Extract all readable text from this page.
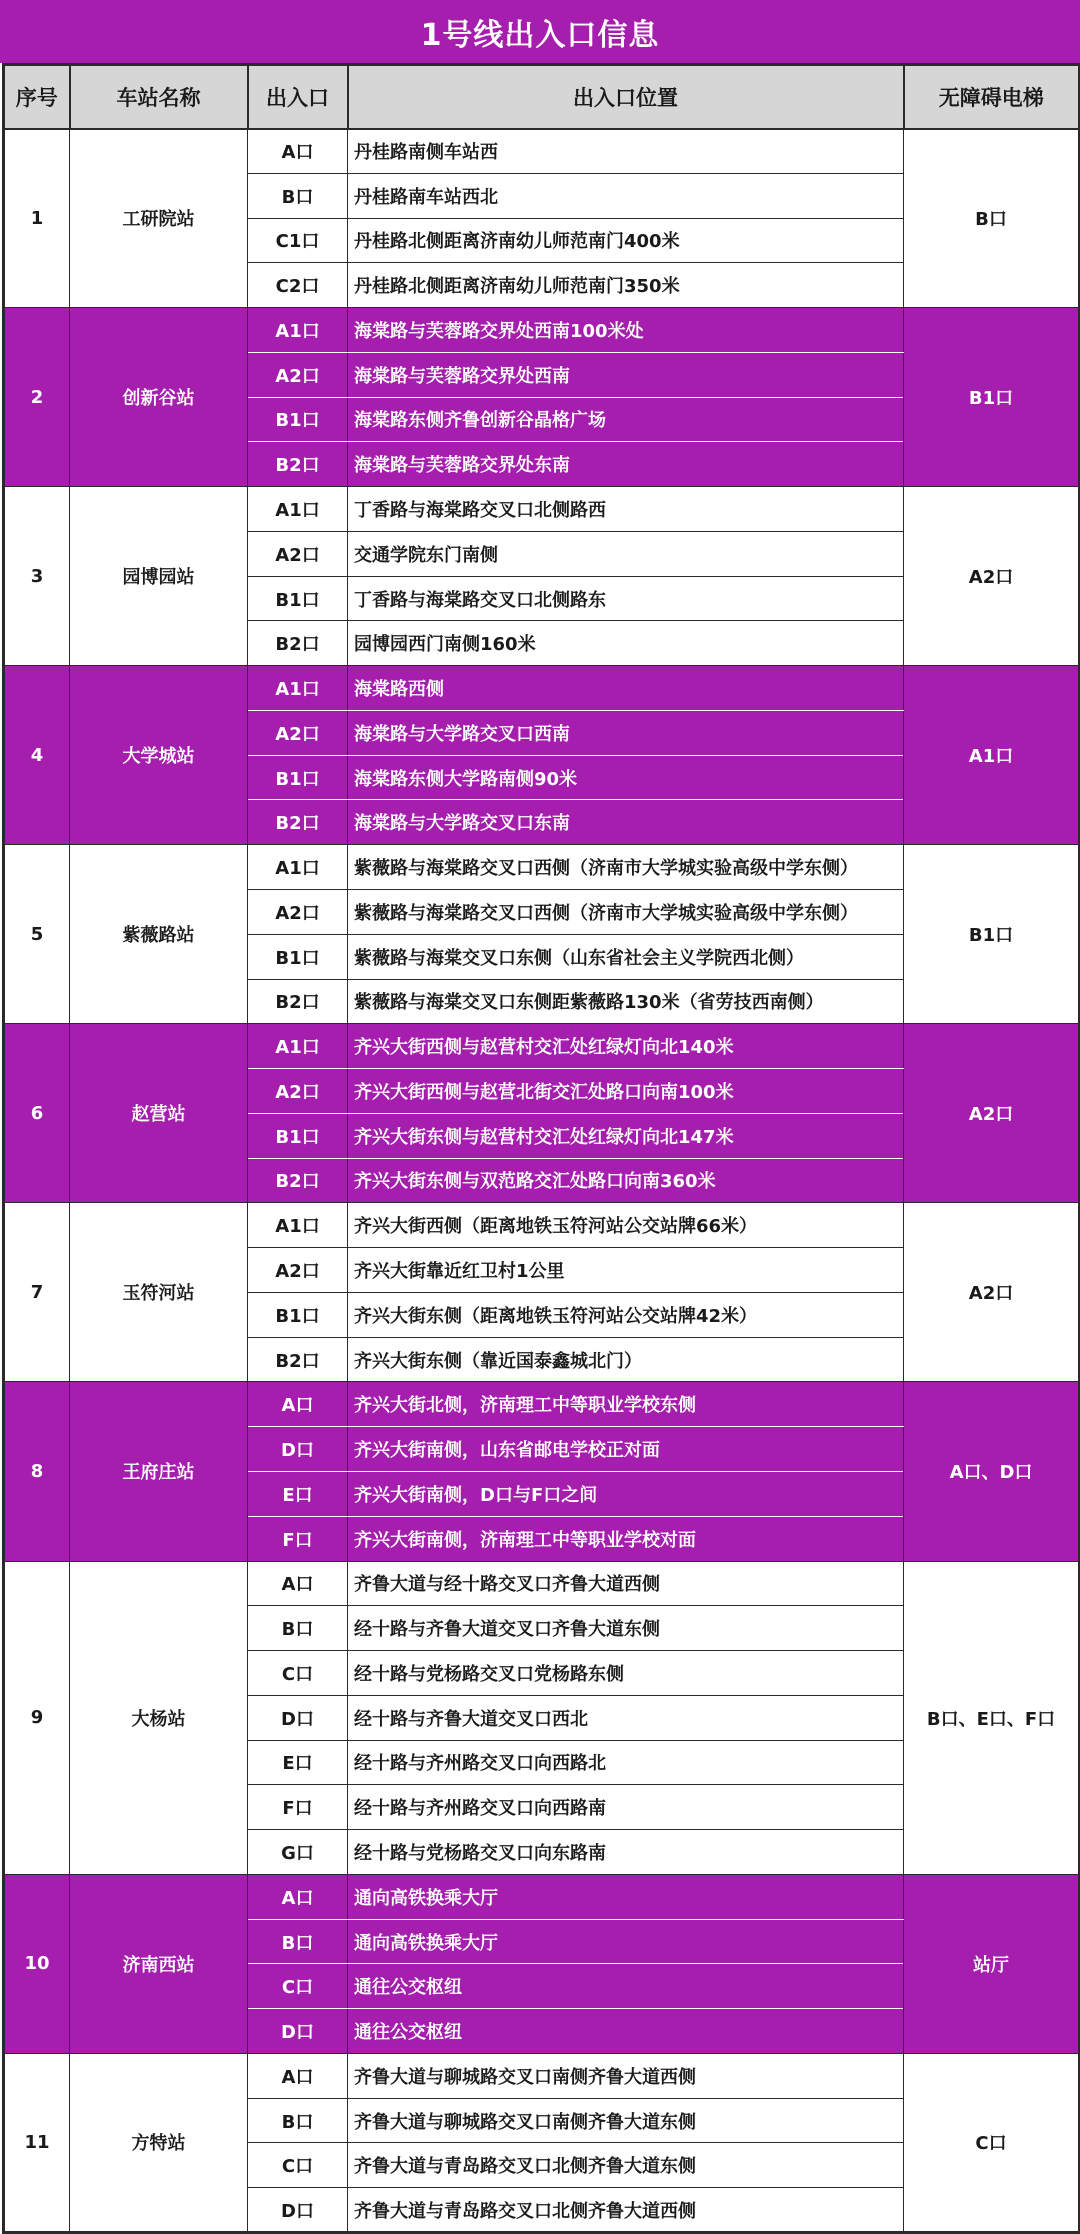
1号线出入口信息
序号	车站名称	出入口	出入口位置	无障碍电梯
1	工研院站	A口	丹桂路南侧车站西	B口
		B口	丹桂路南车站西北	
		C1口	丹桂路北侧距离济南幼儿师范南门400米	
		C2口	丹桂路北侧距离济南幼儿师范南门350米	
2	创新谷站	A1口	海棠路与芙蓉路交界处西南100米处	B1口
		A2口	海棠路与芙蓉路交界处西南	
		B1口	海棠路东侧齐鲁创新谷晶格广场	
		B2口	海棠路与芙蓉路交界处东南	
3	园博园站	A1口	丁香路与海棠路交叉口北侧路西	A2口
		A2口	交通学院东门南侧	
		B1口	丁香路与海棠路交叉口北侧路东	
		B2口	园博园西门南侧160米	
4	大学城站	A1口	海棠路西侧	A1口
		A2口	海棠路与大学路交叉口西南	
		B1口	海棠路东侧大学路南侧90米	
		B2口	海棠路与大学路交叉口东南	
5	紫薇路站	A1口	紫薇路与海棠路交叉口西侧（济南市大学城实验高级中学东侧）	B1口
		A2口	紫薇路与海棠路交叉口西侧（济南市大学城实验高级中学东侧）	
		B1口	紫薇路与海棠交叉口东侧（山东省社会主义学院西北侧）	
		B2口	紫薇路与海棠交叉口东侧距紫薇路130米（省劳技西南侧）	
6	赵营站	A1口	齐兴大街西侧与赵营村交汇处红绿灯向北140米	A2口
		A2口	齐兴大街西侧与赵营北街交汇处路口向南100米	
		B1口	齐兴大街东侧与赵营村交汇处红绿灯向北147米	
		B2口	齐兴大街东侧与双范路交汇处路口向南360米	
7	玉符河站	A1口	齐兴大街西侧（距离地铁玉符河站公交站牌66米）	A2口
		A2口	齐兴大街靠近红卫村1公里	
		B1口	齐兴大街东侧（距离地铁玉符河站公交站牌42米）	
		B2口	齐兴大街东侧（靠近国泰鑫城北门）	
8	王府庄站	A口	齐兴大街北侧，济南理工中等职业学校东侧	A口、D口
		D口	齐兴大街南侧，山东省邮电学校正对面	
		E口	齐兴大街南侧，D口与F口之间	
		F口	齐兴大街南侧，济南理工中等职业学校对面	
9	大杨站	A口	齐鲁大道与经十路交叉口齐鲁大道西侧	B口、E口、F口
		B口	经十路与齐鲁大道交叉口齐鲁大道东侧	
		C口	经十路与党杨路交叉口党杨路东侧	
		D口	经十路与齐鲁大道交叉口西北	
		E口	经十路与齐州路交叉口向西路北	
		F口	经十路与齐州路交叉口向西路南	
		G口	经十路与党杨路交叉口向东路南	
10	济南西站	A口	通向高铁换乘大厅	站厅
		B口	通向高铁换乘大厅	
		C口	通往公交枢纽	
		D口	通往公交枢纽	
11	方特站	A口	齐鲁大道与聊城路交叉口南侧齐鲁大道西侧	C口
		B口	齐鲁大道与聊城路交叉口南侧齐鲁大道东侧	
		C口	齐鲁大道与青岛路交叉口北侧齐鲁大道东侧	
		D口	齐鲁大道与青岛路交叉口北侧齐鲁大道西侧	
